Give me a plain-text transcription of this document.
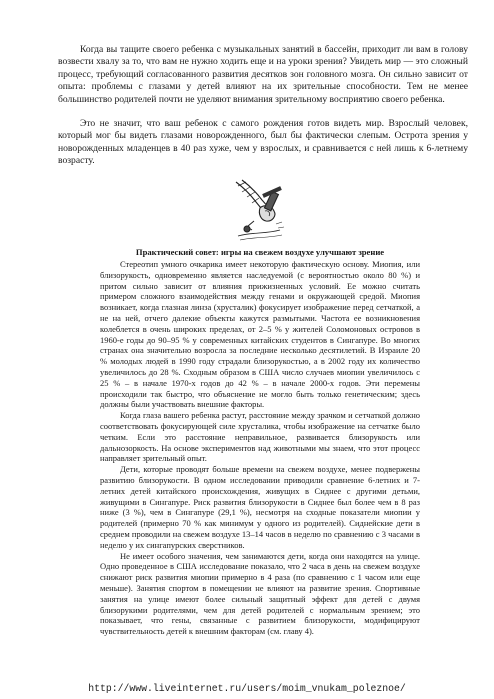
Когда вы тащите своего ребенка с музыкальных занятий в бассейн, приходит ли вам в голову возвести хвалу за то, что вам не нужно ходить еще и на уроки зрения? Увидеть мир — это сложный процесс, требующий согласованного развития десятков зон головного мозга. Он сильно зависит от опыта: проблемы с глазами у детей влияют на их зрительные способности. Тем не менее большинство родителей почти не уделяют внимания зрительному восприятию своего ребенка.

Это не значит, что ваш ребенок с самого рождения готов видеть мир. Взрослый человек, который мог бы видеть глазами новорожденного, был бы фактически слепым. Острота зрения у новорожденных младенцев в 40 раз хуже, чем у взрослых, и сравнивается с ней лишь к 6-летнему возрасту.

Практический совет: игры на свежем воздухе улучшают зрение

Стереотип умного очкарика имеет некоторую фактическую основу. Миопия, или близорукость, одновременно является наследуемой (с вероятностью около 80 %) и притом сильно зависит от влияния прижизненных условий. Ее можно считать примером сложного взаимодействия между генами и окружающей средой. Миопия возникает, когда глазная линза (хрусталик) фокусирует изображение перед сетчаткой, а не на ней, отчего далекие объекты кажутся размытыми. Частота ее возникновения колеблется в очень широких пределах, от 2–5 % у жителей Соломоновых островов в 1960-е годы до 90–95 % у современных китайских студентов в Сингапуре. Во многих странах она значительно возросла за последние несколько десятилетий. В Израиле 20 % молодых людей в 1990 году страдали близорукостью, а в 2002 году их количество увеличилось до 28 %. Сходным образом в США число случаев миопии увеличилось с 25 % – в начале 1970-х годов до 42 % – в начале 2000-х годов. Эти перемены происходили так быстро, что объяснение не могло быть только генетическим; здесь должны были участвовать внешние факторы.

Когда глаза вашего ребенка растут, расстояние между зрачком и сетчаткой должно соответствовать фокусирующей силе хрусталика, чтобы изображение на сетчатке было четким. Если это расстояние неправильное, развивается близорукость или дальнозоркость. На основе экспериментов над животными мы знаем, что этот процесс направляет зрительный опыт.

Дети, которые проводят больше времени на свежем воздухе, менее подвержены развитию близорукости. В одном исследовании приводили сравнение 6-летних и 7-летних детей китайского происхождения, живущих в Сиднее с другими детьми, живущими в Сингапуре. Риск развития близорукости в Сиднее был более чем в 8 раз ниже (3 %), чем в Сингапуре (29,1 %), несмотря на сходные показатели миопии у родителей (примерно 70 % как минимум у одного из родителей). Сиднейские дети в среднем проводили на свежем воздухе 13–14 часов в неделю по сравнению с 3 часами в неделю у их сингапурских сверстников.

Не имеет особого значения, чем занимаются дети, когда они находятся на улице. Одно проведенное в США исследование показало, что 2 часа в день на свежем воздухе снижают риск развития миопии примерно в 4 раза (по сравнению с 1 часом или еще меньше). Занятия спортом в помещении не влияют на развитие зрения. Спортивные занятия на улице имеют более сильный защитный эффект для детей с двумя близорукими родителями, чем для детей родителей с нормальным зрением; это показывает, что гены, связанные с развитием близорукости, модифицируют чувствительность детей к внешним факторам (см. главу 4).

http://www.liveinternet.ru/users/moim_vnukam_poleznoe/
